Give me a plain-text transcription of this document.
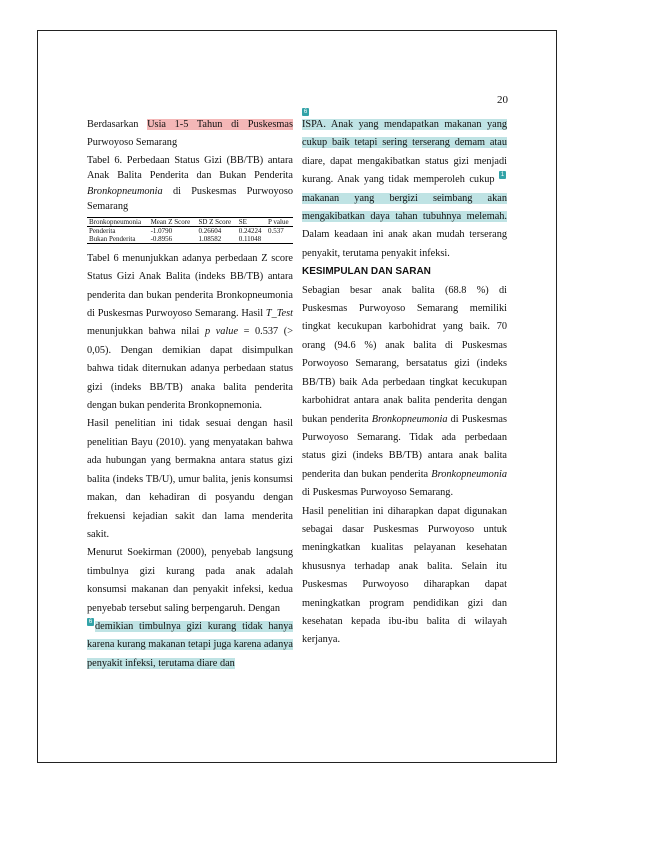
20

Berdasarkan Usia 1-5 Tahun di Puskesmas Purwoyoso Semarang

Tabel 6. Perbedaan Status Gizi (BB/TB) antara Anak Balita Penderita dan Bukan Penderita Bronkopneumonia di Puskesmas Purwoyoso Semarang

Bronkopneumonia	Mean Z Score	SD Z Score	SE	P value
Penderita	-1.0790	0.26604	0.24224	0.537
Bukan Penderita	-0.8956	1.08582	0.11048	

Tabel 6 menunjukkan adanya perbedaan Z score Status Gizi Anak Balita (indeks BB/TB) antara penderita dan bukan penderita Bronkopneumonia di Puskesmas Purwoyoso Semarang. Hasil T_Test menunjukkan bahwa nilai p value = 0.537 (> 0,05). Dengan demikian dapat disimpulkan bahwa tidak diternukan adanya perbedaan status gizi (indeks BB/TB) anaka balita penderita dengan bukan penderita Bronkopnemonia.

Hasil penelitian ini tidak sesuai dengan hasil penelitian Bayu (2010). yang menyatakan bahwa ada hubungan yang bermakna antara status gizi balita (indeks TB/U), umur balita, jenis konsumsi makan, dan kehadiran di posyandu dengan frekuensi kejadian sakit dan lama menderita sakit.

Menurut Soekirman (2000), penyebab langsung timbulnya gizi kurang pada anak adalah konsumsi makanan dan penyakit infeksi, kedua penyebab tersebut saling berpengaruh. Dengan
6 demikian timbulnya gizi kurang tidak hanya karena kurang makanan tetapi juga karena adanya penyakit infeksi, terutama diare dan

6
ISPA. Anak yang mendapatkan makanan yang cukup baik tetapi sering terserang demam atau diare, dapat mengakibatkan status gizi menjadi kurang. Anak yang tidak memperoleh cukup 1makanan yang bergizi seimbang akan mengakibatkan daya tahan tubuhnya melemah. Dalam keadaan ini anak akan mudah terserang penyakit, terutama penyakit infeksi.

KESIMPULAN DAN SARAN

Sebagian besar anak balita (68.8 %) di Puskesmas Purwoyoso Semarang memiliki tingkat kecukupan karbohidrat yang baik. 70 orang (94.6 %) anak balita di Puskesmas Porwoyoso Semarang, bersatatus gizi (indeks BB/TB) baik Ada perbedaan tingkat kecukupan karbohidrat antara anak balita penderita dengan bukan penderita Bronkopneumonia di Puskesmas Purwoyoso Semarang. Tidak ada perbedaan status gizi (indeks BB/TB) antara anak balita penderita dan bukan penderita Bronkopneumonia di Puskesmas Purwoyoso Semarang.

Hasil penelitian ini diharapkan dapat digunakan sebagai dasar Puskesmas Purwoyoso untuk meningkatkan kualitas pelayanan kesehatan khususnya terhadap anak balita. Selain itu Puskesmas Purwoyoso diharapkan dapat meningkatkan program pendidikan gizi dan kesehatan kepada ibu-ibu balita di wilayah kerjanya.
